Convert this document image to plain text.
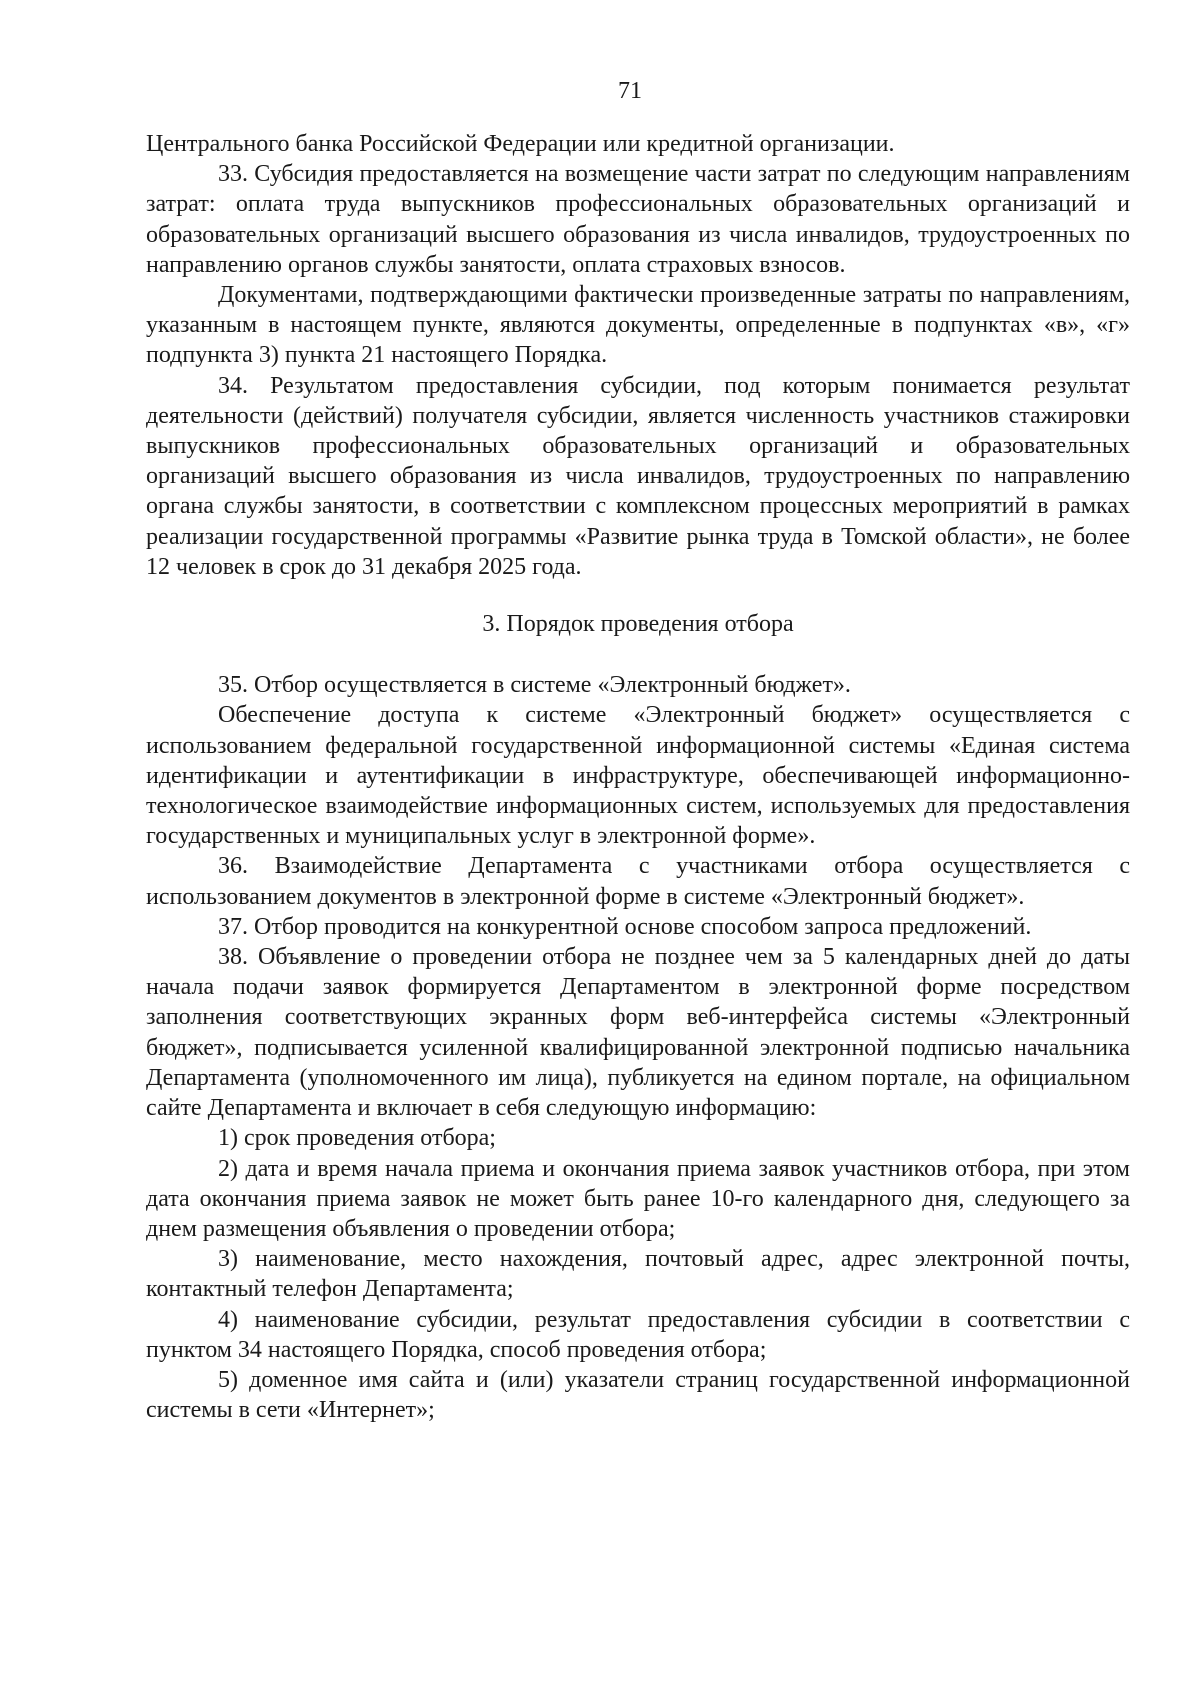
71

Центрального банка Российской Федерации или кредитной организации.

33. Субсидия предоставляется на возмещение части затрат по следующим направлениям затрат: оплата труда выпускников профессиональных образовательных организаций и образовательных организаций высшего образования из числа инвалидов, трудоустроенных по направлению органов службы занятости, оплата страховых взносов.

Документами, подтверждающими фактически произведенные затраты по направлениям, указанным в настоящем пункте, являются документы, определенные в подпунктах «в», «г» подпункта 3) пункта 21 настоящего Порядка.

34. Результатом предоставления субсидии, под которым понимается результат деятельности (действий) получателя субсидии, является численность участников стажировки выпускников профессиональных образовательных организаций и образовательных организаций высшего образования из числа инвалидов, трудоустроенных по направлению органа службы занятости, в соответствии с комплексном процессных мероприятий в рамках реализации государственной программы «Развитие рынка труда в Томской области», не более 12 человек в срок до 31 декабря 2025 года.

3. Порядок проведения отбора

35. Отбор осуществляется в системе «Электронный бюджет».

Обеспечение доступа к системе «Электронный бюджет» осуществляется с использованием федеральной государственной информационной системы «Единая система идентификации и аутентификации в инфраструктуре, обеспечивающей информационно-технологическое взаимодействие информационных систем, используемых для предоставления государственных и муниципальных услуг в электронной форме».

36. Взаимодействие Департамента с участниками отбора осуществляется с использованием документов в электронной форме в системе «Электронный бюджет».

37. Отбор проводится на конкурентной основе способом запроса предложений.

38. Объявление о проведении отбора не позднее чем за 5 календарных дней до даты начала подачи заявок формируется Департаментом в электронной форме посредством заполнения соответствующих экранных форм веб-интерфейса системы «Электронный бюджет», подписывается усиленной квалифицированной электронной подписью начальника Департамента (уполномоченного им лица), публикуется на едином портале, на официальном сайте Департамента и включает в себя следующую информацию:

1) срок проведения отбора;

2) дата и время начала приема и окончания приема заявок участников отбора, при этом дата окончания приема заявок не может быть ранее 10-го календарного дня, следующего за днем размещения объявления о проведении отбора;

3) наименование, место нахождения, почтовый адрес, адрес электронной почты, контактный телефон Департамента;

4) наименование субсидии, результат предоставления субсидии в соответствии с пунктом 34 настоящего Порядка, способ проведения отбора;

5) доменное имя сайта и (или) указатели страниц государственной информационной системы в сети «Интернет»;
